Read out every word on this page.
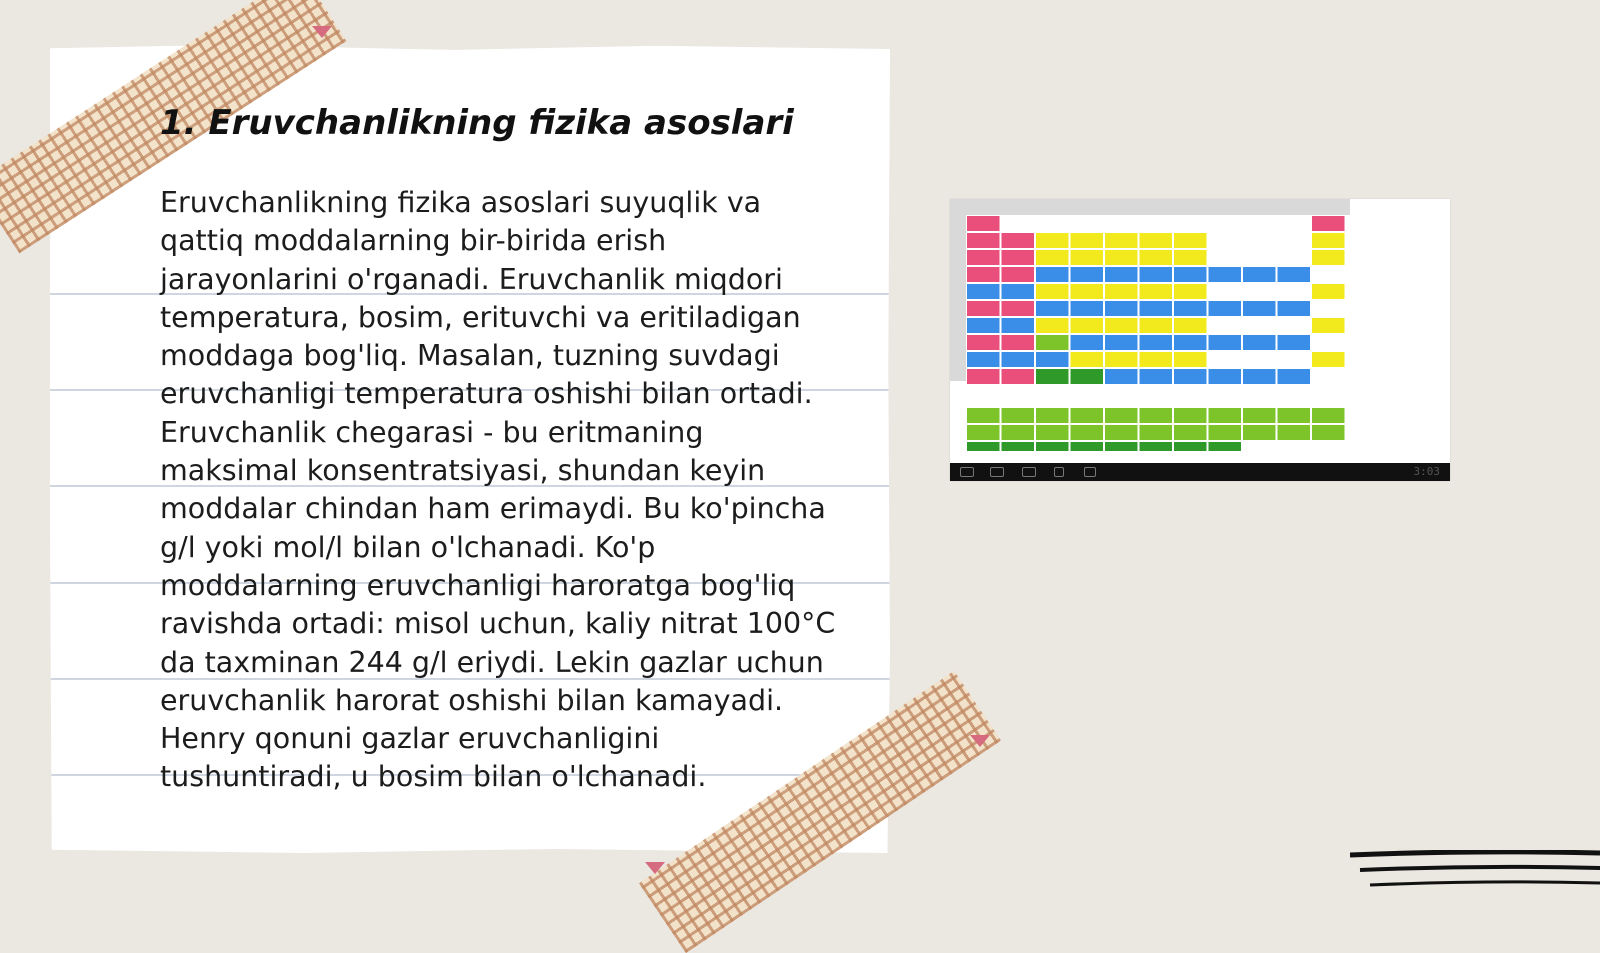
1. Eruvchanlikning fizika asoslari

Eruvchanlikning fizika asoslari suyuqlik va qattiq moddalarning bir-birida erish jarayonlarini o'rganadi. Eruvchanlik miqdori temperatura, bosim, erituvchi va eritiladigan moddaga bog'liq. Masalan, tuzning suvdagi eruvchanligi temperatura oshishi bilan ortadi. Eruvchanlik chegarasi - bu eritmaning maksimal konsentratsiyasi, shundan keyin moddalar chindan ham erimaydi. Bu ko'pincha g/l yoki mol/l bilan o'lchanadi. Ko'p moddalarning eruvchanligi haroratga bog'liq ravishda ortadi: misol uchun, kaliy nitrat 100°C da taxminan 244 g/l eriydi. Lekin gazlar uchun eruvchanlik harorat oshishi bilan kamayadi. Henry qonuni gazlar eruvchanligini tushuntiradi, u bosim bilan o'lchanadi.

3:03
